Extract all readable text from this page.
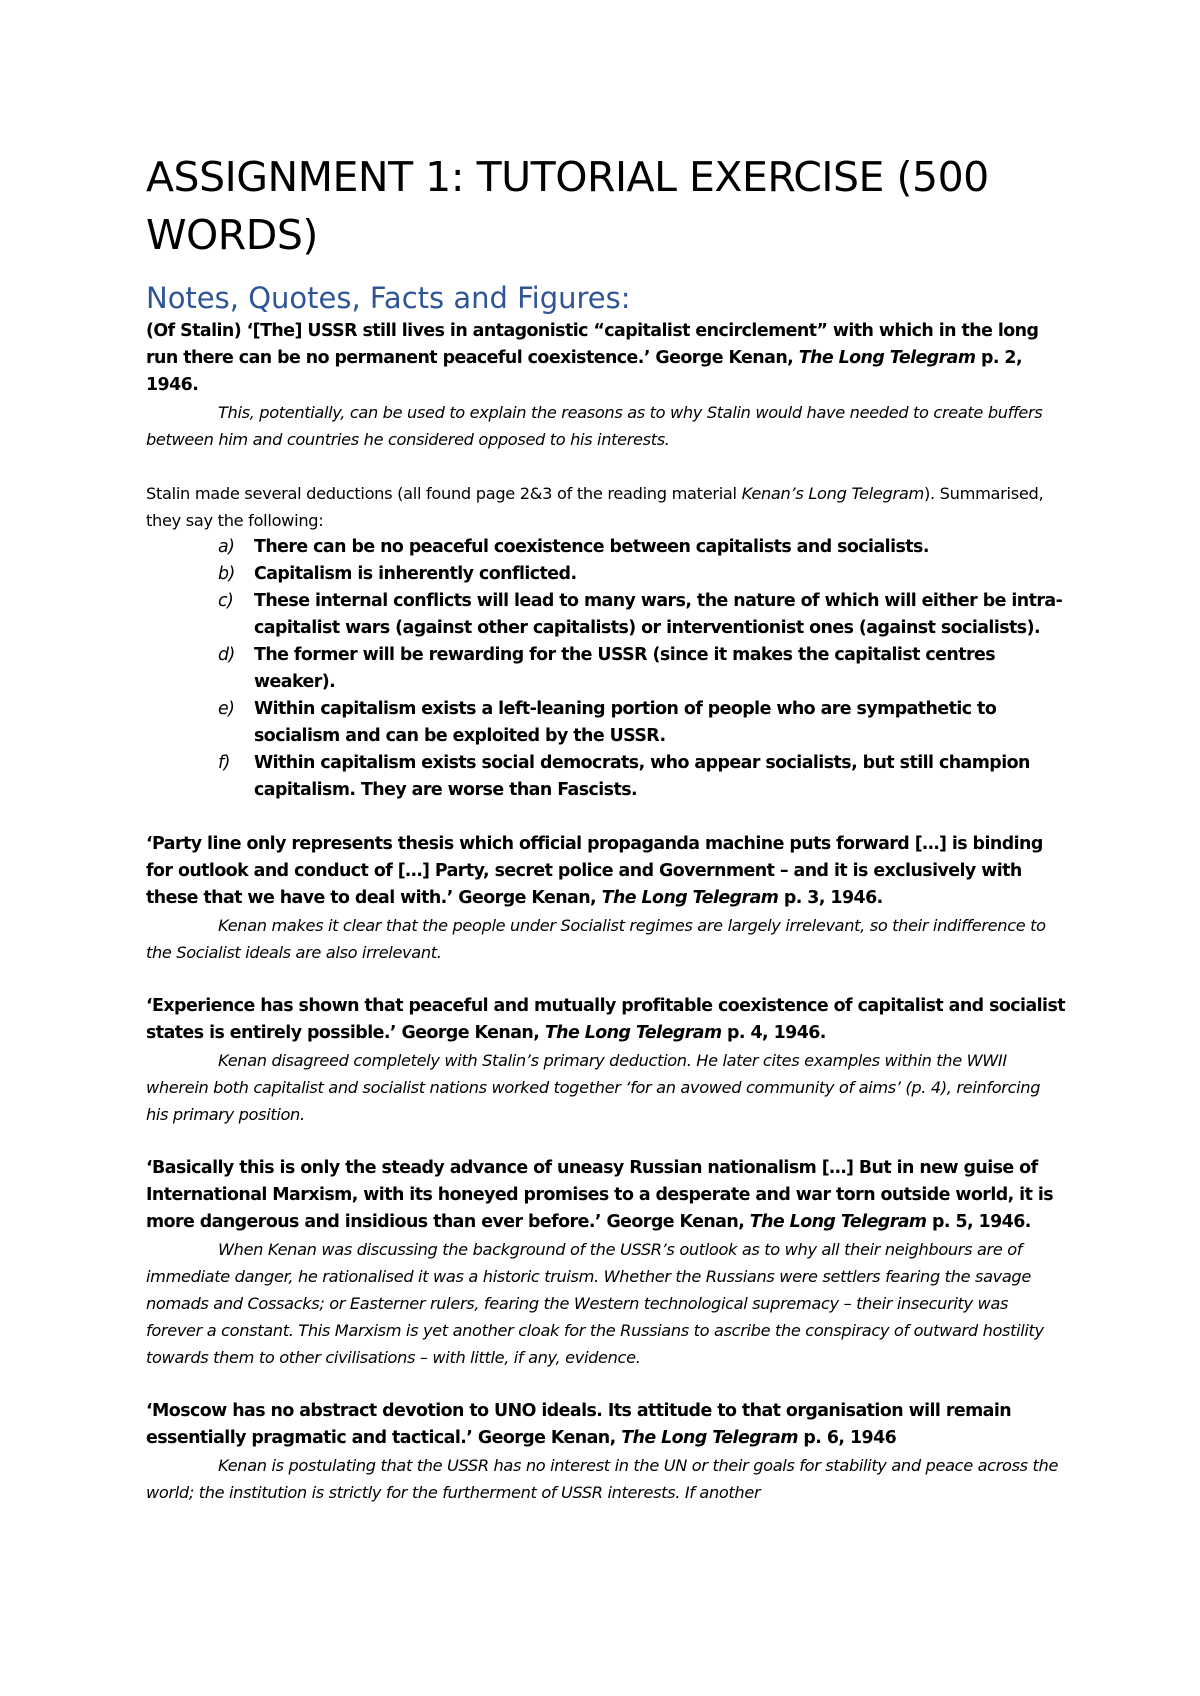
ASSIGNMENT 1: TUTORIAL EXERCISE (500 WORDS)
Notes, Quotes, Facts and Figures:

(Of Stalin) ‘[The] USSR still lives in antagonistic “capitalist encirclement” with which in the long run there can be no permanent peaceful coexistence.’ George Kenan, The Long Telegram p. 2, 1946.

This, potentially, can be used to explain the reasons as to why Stalin would have needed to create buffers between him and countries he considered opposed to his interests.

Stalin made several deductions (all found page 2&3 of the reading material Kenan’s Long Telegram). Summarised, they say the following:

a) There can be no peaceful coexistence between capitalists and socialists.
b) Capitalism is inherently conflicted.
c) These internal conflicts will lead to many wars, the nature of which will either be intra-capitalist wars (against other capitalists) or interventionist ones (against socialists).
d) The former will be rewarding for the USSR (since it makes the capitalist centres weaker).
e) Within capitalism exists a left-leaning portion of people who are sympathetic to socialism and can be exploited by the USSR.
f) Within capitalism exists social democrats, who appear socialists, but still champion capitalism. They are worse than Fascists.

‘Party line only represents thesis which official propaganda machine puts forward […] is binding for outlook and conduct of […] Party, secret police and Government – and it is exclusively with these that we have to deal with.’ George Kenan, The Long Telegram p. 3, 1946.

Kenan makes it clear that the people under Socialist regimes are largely irrelevant, so their indifference to the Socialist ideals are also irrelevant.

‘Experience has shown that peaceful and mutually profitable coexistence of capitalist and socialist states is entirely possible.’ George Kenan, The Long Telegram p. 4, 1946.

Kenan disagreed completely with Stalin’s primary deduction. He later cites examples within the WWII wherein both capitalist and socialist nations worked together ‘for an avowed community of aims’ (p. 4), reinforcing his primary position.

‘Basically this is only the steady advance of uneasy Russian nationalism […] But in new guise of International Marxism, with its honeyed promises to a desperate and war torn outside world, it is more dangerous and insidious than ever before.’ George Kenan, The Long Telegram p. 5, 1946.

When Kenan was discussing the background of the USSR’s outlook as to why all their neighbours are of immediate danger, he rationalised it was a historic truism. Whether the Russians were settlers fearing the savage nomads and Cossacks; or Easterner rulers, fearing the Western technological supremacy – their insecurity was forever a constant. This Marxism is yet another cloak for the Russians to ascribe the conspiracy of outward hostility towards them to other civilisations – with little, if any, evidence.

‘Moscow has no abstract devotion to UNO ideals. Its attitude to that organisation will remain essentially pragmatic and tactical.’ George Kenan, The Long Telegram p. 6, 1946

Kenan is postulating that the USSR has no interest in the UN or their goals for stability and peace across the world; the institution is strictly for the furtherment of USSR interests. If another
